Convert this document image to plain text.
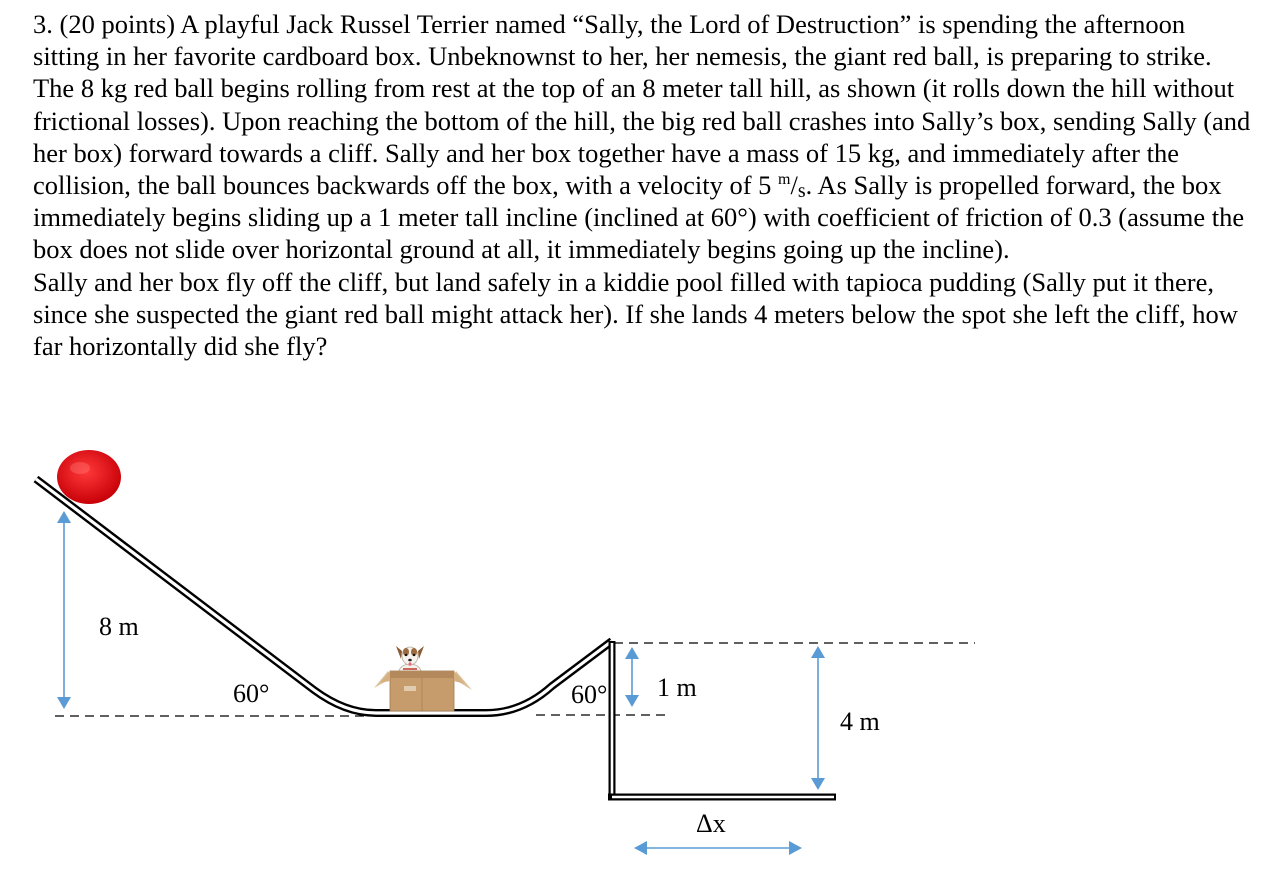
3. (20 points) A playful Jack Russel Terrier named “Sally, the Lord of Destruction” is spending the afternoon sitting in her favorite cardboard box. Unbeknownst to her, her nemesis, the giant red ball, is preparing to strike. The 8 kg red ball begins rolling from rest at the top of an 8 meter tall hill, as shown (it rolls down the hill without frictional losses). Upon reaching the bottom of the hill, the big red ball crashes into Sally’s box, sending Sally (and her box) forward towards a cliff. Sally and her box together have a mass of 15 kg, and immediately after the collision, the ball bounces backwards off the box, with a velocity of 5 $^m$/s. As Sally is propelled forward, the box immediately begins sliding up a 1 meter tall incline (inclined at 60°) with coefficient of friction of 0.3 (assume the box does not slide over horizontal ground at all, it immediately begins going up the incline).

Sally and her box fly off the cliff, but land safely in a kiddie pool filled with tapioca pudding (Sally put it there, since she suspected the giant red ball might attack her). If she lands 4 meters below the spot she left the cliff, how far horizontally did she fly?

8 m
60°	60° 1 m
4 m
Δx
